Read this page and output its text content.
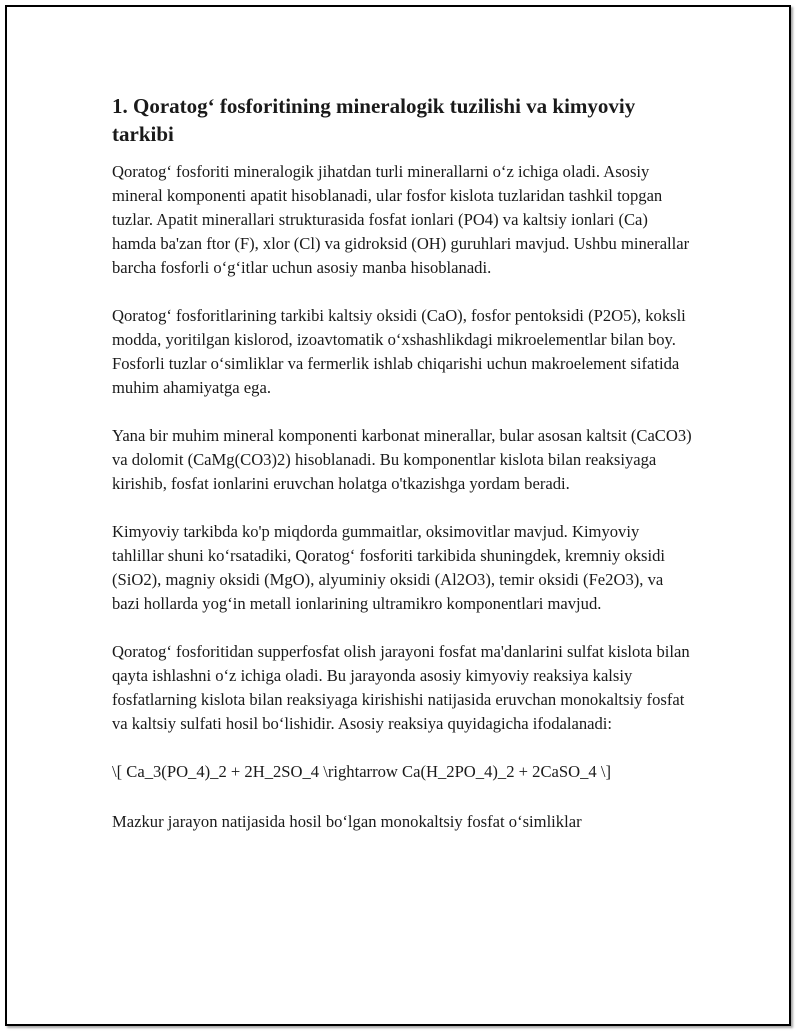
1. Qoratog‘ fosforitining mineralogik tuzilishi va kimyoviy tarkibi

Qoratog‘ fosforiti mineralogik jihatdan turli minerallarni o‘z ichiga oladi. Asosiy mineral komponenti apatit hisoblanadi, ular fosfor kislota tuzlaridan tashkil topgan tuzlar. Apatit minerallari strukturasida fosfat ionlari (PO4) va kaltsiy ionlari (Ca) hamda ba'zan ftor (F), xlor (Cl) va gidroksid (OH) guruhlari mavjud. Ushbu minerallar barcha fosforli o‘g‘itlar uchun asosiy manba hisoblanadi.

Qoratog‘ fosforitlarining tarkibi kaltsiy oksidi (CaO), fosfor pentoksidi (P2O5), koksli modda, yoritilgan kislorod, izoavtomatik o‘xshashlikdagi mikroelementlar bilan boy. Fosforli tuzlar o‘simliklar va fermerlik ishlab chiqarishi uchun makroelement sifatida muhim ahamiyatga ega.

Yana bir muhim mineral komponenti karbonat minerallar, bular asosan kaltsit (CaCO3) va dolomit (CaMg(CO3)2) hisoblanadi. Bu komponentlar kislota bilan reaksiyaga kirishib, fosfat ionlarini eruvchan holatga o'tkazishga yordam beradi.

Kimyoviy tarkibda ko'p miqdorda gummaitlar, oksimovitlar mavjud. Kimyoviy tahlillar shuni ko‘rsatadiki, Qoratog‘ fosforiti tarkibida shuningdek, kremniy oksidi (SiO2), magniy oksidi (MgO), alyuminiy oksidi (Al2O3), temir oksidi (Fe2O3), va bazi hollarda yog‘in metall ionlarining ultramikro komponentlari mavjud.

Qoratog‘ fosforitidan supperfosfat olish jarayoni fosfat ma'danlarini sulfat kislota bilan qayta ishlashni o‘z ichiga oladi. Bu jarayonda asosiy kimyoviy reaksiya kalsiy fosfatlarning kislota bilan reaksiyaga kirishishi natijasida eruvchan monokaltsiy fosfat va kaltsiy sulfati hosil bo‘lishidir. Asosiy reaksiya quyidagicha ifodalanadi:

\[ Ca_3(PO_4)_2 + 2H_2SO_4 \rightarrow Ca(H_2PO_4)_2 + 2CaSO_4 \]

Mazkur jarayon natijasida hosil bo‘lgan monokaltsiy fosfat o‘simliklar
